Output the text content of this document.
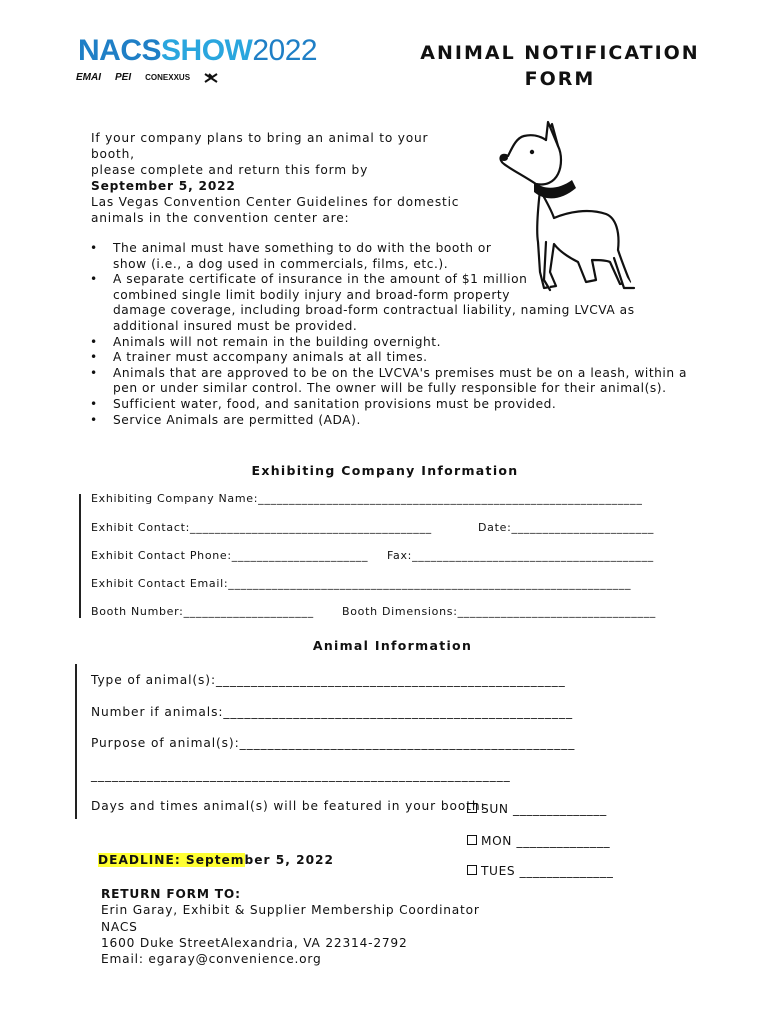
NACSSHOW2022
EMAI PEI CONEXXUS
ANIMAL NOTIFICATION
FORM
If your company plans to bring an animal to your booth,
please complete and return this form by
September 5, 2022
Las Vegas Convention Center Guidelines for domestic
animals in the convention center are:
• The animal must have something to do with the booth or
show (i.e., a dog used in commercials, films, etc.).
• A separate certificate of insurance in the amount of $1 million
combined single limit bodily injury and broad-form property
damage coverage, including broad-form contractual liability, naming LVCVA as
additional insured must be provided.
• Animals will not remain in the building overnight.
• A trainer must accompany animals at all times.
• Animals that are approved to be on the LVCVA's premises must be on a leash, within a
pen or under similar control. The owner will be fully responsible for their animal(s).
• Sufficient water, food, and sanitation provisions must be provided.
• Service Animals are permitted (ADA).
Exhibiting Company Information
Exhibiting Company Name:______________________________________________________________
Exhibit Contact:_______________________________________	Date:_______________________
Exhibit Contact Phone:______________________ Fax:_______________________________________
Exhibit Contact Email:_________________________________________________________________
Booth Number:_____________________	Booth Dimensions:________________________________
Animal Information
Type of animal(s):__________________________________________________
Number if animals:__________________________________________________
Purpose of animal(s):________________________________________________
____________________________________________________________
Days and times animal(s) will be featured in your booth:
SUN ______________
MON ______________
TUES ______________
DEADLINE: September 5, 2022
RETURN FORM TO:
Erin Garay, Exhibit & Supplier Membership Coordinator
NACS
1600 Duke StreetAlexandria, VA 22314-2792
Email: egaray@convenience.org
